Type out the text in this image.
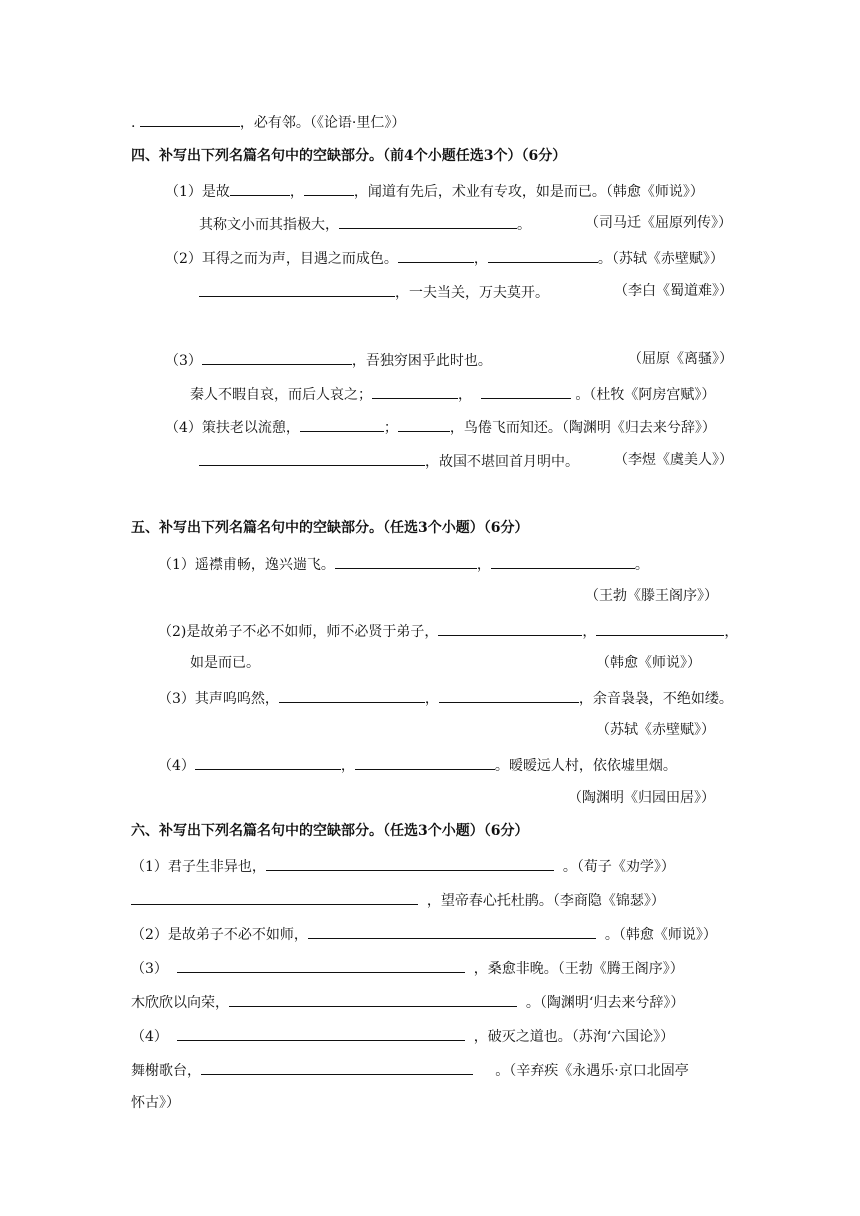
.	，必有邻。（《论语·里仁》）
四、补写出下列名篇名句中的空缺部分。（前4个小题任选3个）（6分）
（1）是故	，	，闻道有先后，术业有专攻，如是而已。（韩愈《师说》）
其称文小而其指极大，	。	（司马迁《屈原列传》）
（2）耳得之而为声，目遇之而成色。	，	。（苏轼《赤壁赋》）
，一夫当关，万夫莫开。	（李白《蜀道难》）
（3）	，吾独穷困乎此时也。	（屈原《离骚》）
秦人不暇自哀，而后人哀之；	，	。（杜牧《阿房宫赋》）
（4）策扶老以流憩，	；	，鸟倦飞而知还。（陶渊明《归去来兮辞》）
，故国不堪回首月明中。	（李煜《虞美人》）
五、补写出下列名篇名句中的空缺部分。（任选3个小题）（6分）
（1）遥襟甫畅，逸兴遄飞。	，	。
（王勃《滕王阁序》）
（2)是故弟子不必不如师，师不必贤于弟子，	，	，
如是而已。	（韩愈《师说》）
（3）其声呜呜然，	，	，余音袅袅，不绝如缕。
（苏轼《赤壁赋》）
（4）	，	。暧暧远人村，依依墟里烟。
（陶渊明《归园田居》）
六、补写出下列名篇名句中的空缺部分。（任选3个小题）（6分）
（1）君子生非异也，	。（荀子《劝学》）
，望帝春心托杜鹃。（李商隐《锦瑟》）
（2）是故弟子不必不如师，	。（韩愈《师说》）
（3）	，桑愈非晚。（王勃《腾王阁序》）
木欣欣以向荣，	。（陶渊明‘归去来兮辞》）
（4）	，破灭之道也。（苏洵‘六国论》）
舞榭歌台，	。（辛弃疾《永遇乐·京口北固亭
怀古》）
